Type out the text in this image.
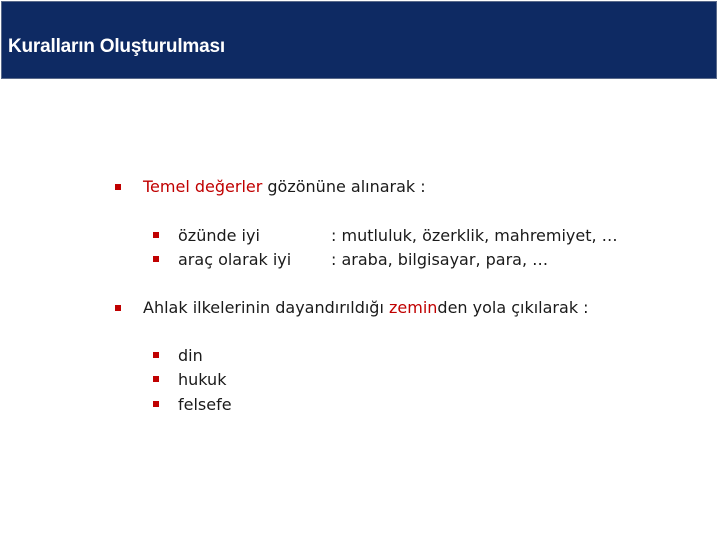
Kuralların Oluşturulması
Temel değerler gözönüne alınarak :
özünde iyi	: mutluluk, özerklik, mahremiyet, …
araç olarak iyi : araba, bilgisayar, para, …
Ahlak ilkelerinin dayandırıldığı zeminden yola çıkılarak :
din
hukuk
felsefe
